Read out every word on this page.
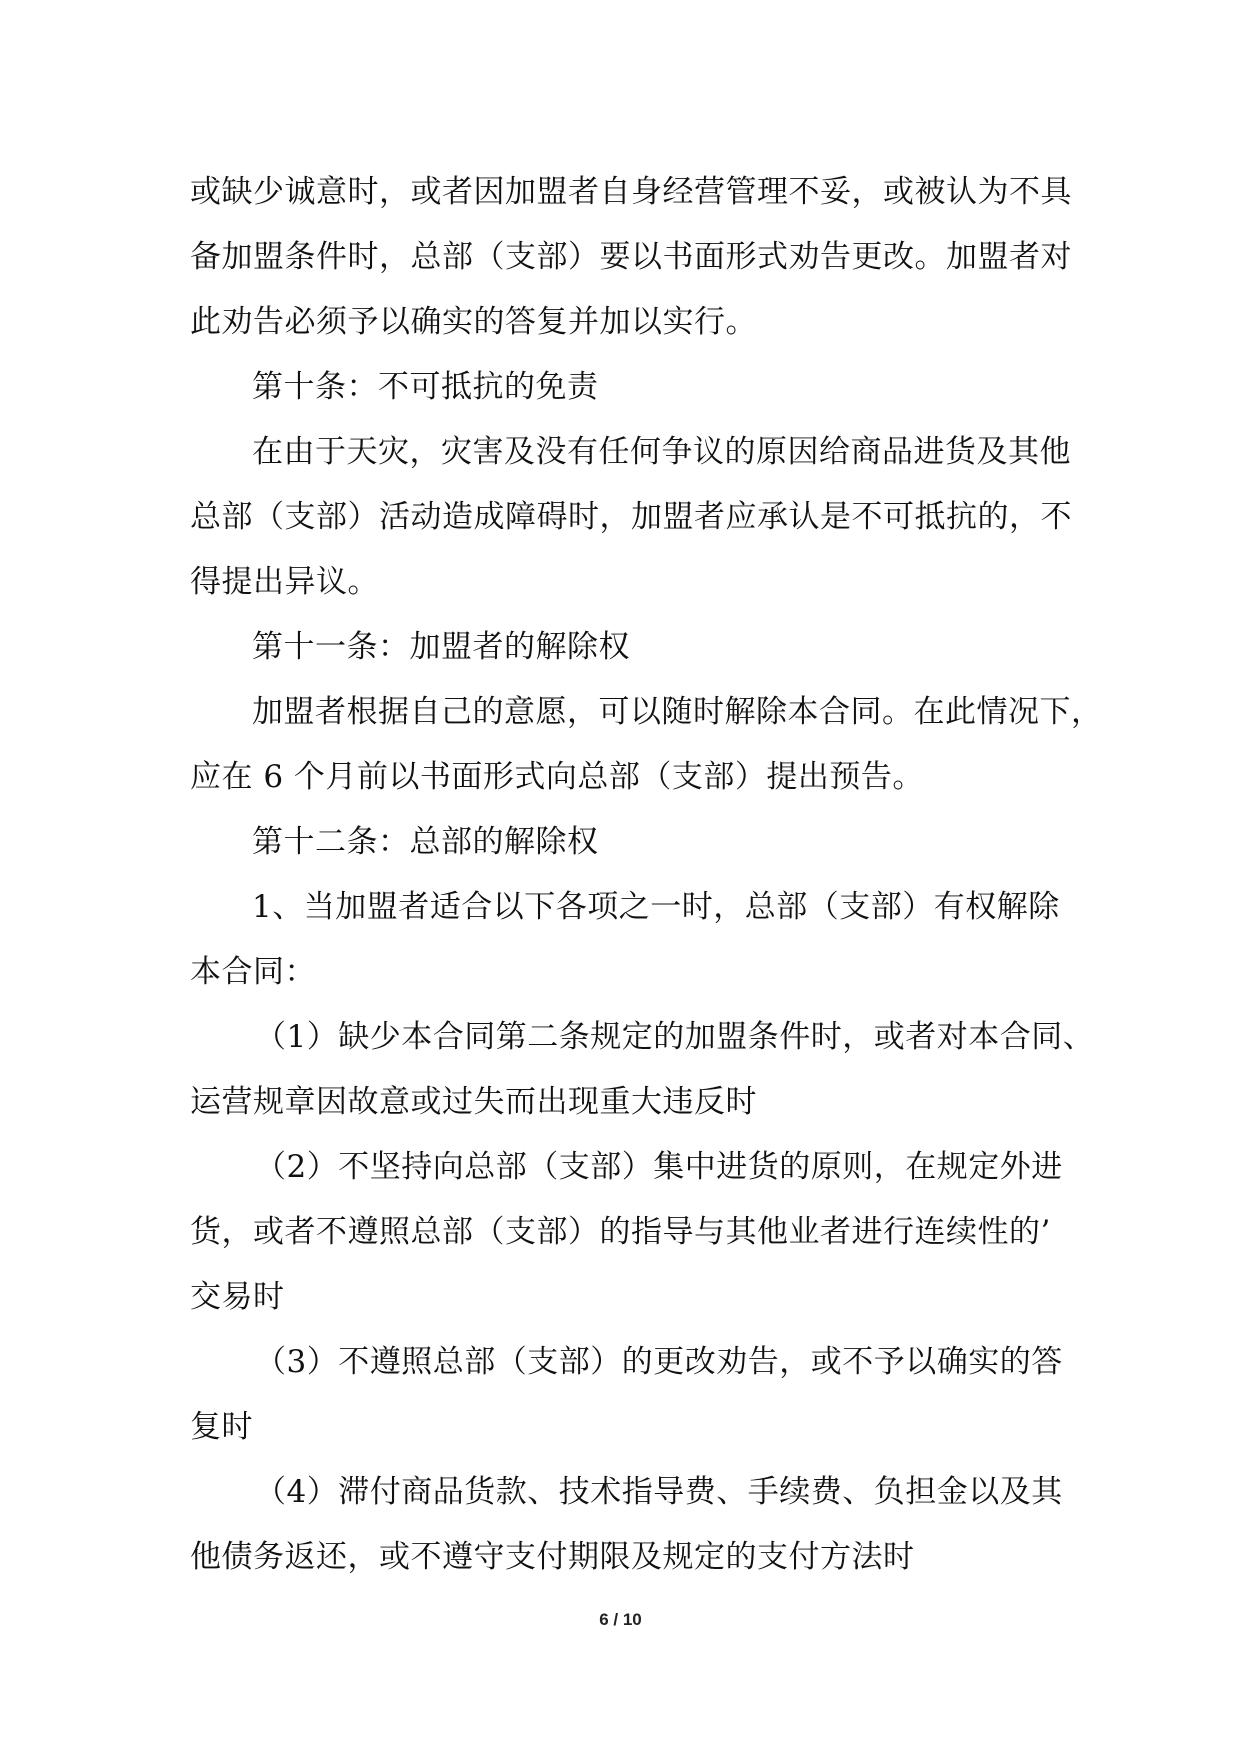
或缺少诚意时，或者因加盟者自身经营管理不妥，或被认为不具
备加盟条件时，总部（支部）要以书面形式劝告更改。加盟者对
此劝告必须予以确实的答复并加以实行。
第十条：不可抵抗的免责
在由于天灾，灾害及没有任何争议的原因给商品进货及其他
总部（支部）活动造成障碍时，加盟者应承认是不可抵抗的，不
得提出异议。
第十一条：加盟者的解除权
加盟者根据自己的意愿，可以随时解除本合同。在此情况下，
应在 6 个月前以书面形式向总部（支部）提出预告。
第十二条：总部的解除权
1、当加盟者适合以下各项之一时，总部（支部）有权解除
本合同：
（1）缺少本合同第二条规定的加盟条件时，或者对本合同、
运营规章因故意或过失而出现重大违反时
（2）不坚持向总部（支部）集中进货的原则，在规定外进
货，或者不遵照总部（支部）的指导与其他业者进行连续性的’
交易时
（3）不遵照总部（支部）的更改劝告，或不予以确实的答
复时
（4）滞付商品货款、技术指导费、手续费、负担金以及其
他债务返还，或不遵守支付期限及规定的支付方法时
6 / 10
